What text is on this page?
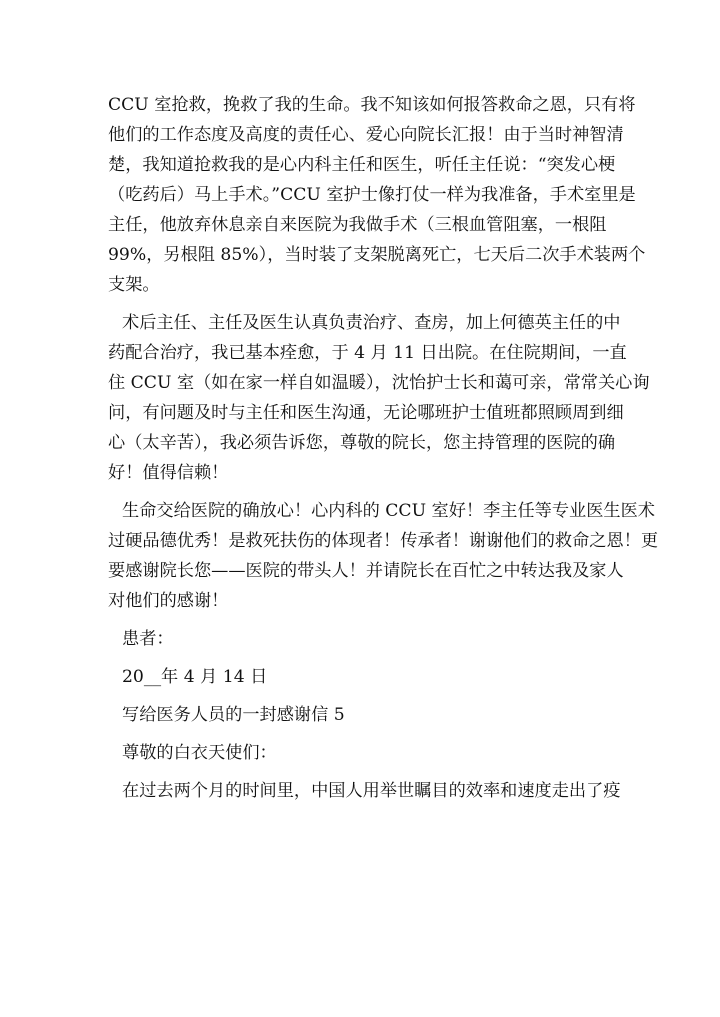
CCU 室抢救，挽救了我的生命。我不知该如何报答救命之恩，只有将
他们的工作态度及高度的责任心、爱心向院长汇报！由于当时神智清
楚，我知道抢救我的是心内科主任和医生，听任主任说：“突发心梗
（吃药后）马上手术。”CCU 室护士像打仗一样为我准备，手术室里是
主任，他放弃休息亲自来医院为我做手术（三根血管阻塞，一根阻
99%，另根阻 85%），当时装了支架脱离死亡，七天后二次手术装两个
支架。
术后主任、主任及医生认真负责治疗、查房，加上何德英主任的中
药配合治疗，我已基本痊愈，于 4 月 11 日出院。在住院期间，一直
住 CCU 室（如在家一样自如温暖），沈怡护士长和蔼可亲，常常关心询
问，有问题及时与主任和医生沟通，无论哪班护士值班都照顾周到细
心（太辛苦），我必须告诉您，尊敬的院长，您主持管理的医院的确
好！值得信赖！
生命交给医院的确放心！心内科的 CCU 室好！李主任等专业医生医术
过硬品德优秀！是救死扶伤的体现者！传承者！谢谢他们的救命之恩！更
要感谢院长您——医院的带头人！并请院长在百忙之中转达我及家人
对他们的感谢！
患者：
20__年 4 月 14 日
写给医务人员的一封感谢信 5
尊敬的白衣天使们：
在过去两个月的时间里，中国人用举世瞩目的效率和速度走出了疫
